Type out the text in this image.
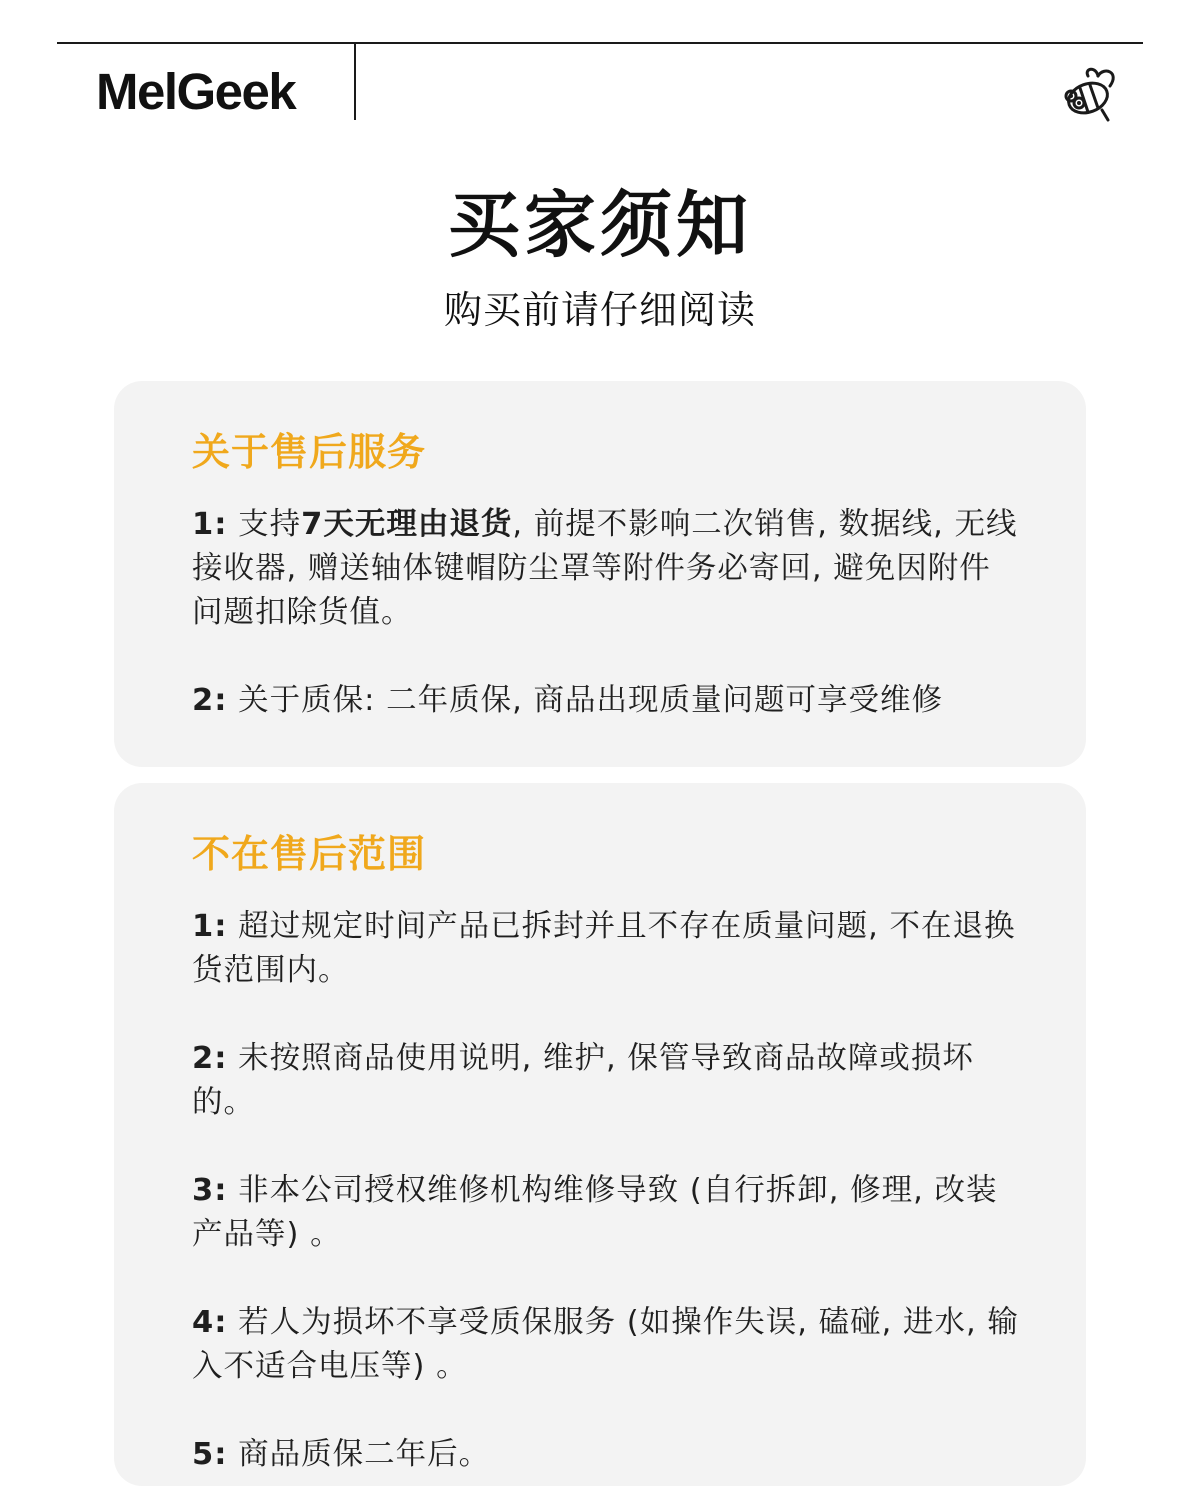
MelGeek
买家须知
购买前请仔细阅读
关于售后服务

1: 支持7天无理由退货, 前提不影响二次销售, 数据线, 无线接收器, 赠送轴体键帽防尘罩等附件务必寄回, 避免因附件问题扣除货值。

2: 关于质保: 二年质保, 商品出现质量问题可享受维修

不在售后范围

1: 超过规定时间产品已拆封并且不存在质量问题, 不在退换货范围内。

2: 未按照商品使用说明, 维护, 保管导致商品故障或损坏的。

3: 非本公司授权维修机构维修导致 (自行拆卸, 修理, 改装产品等) 。

4: 若人为损坏不享受质保服务 (如操作失误, 磕碰, 进水, 输入不适合电压等) 。

5: 商品质保二年后。
